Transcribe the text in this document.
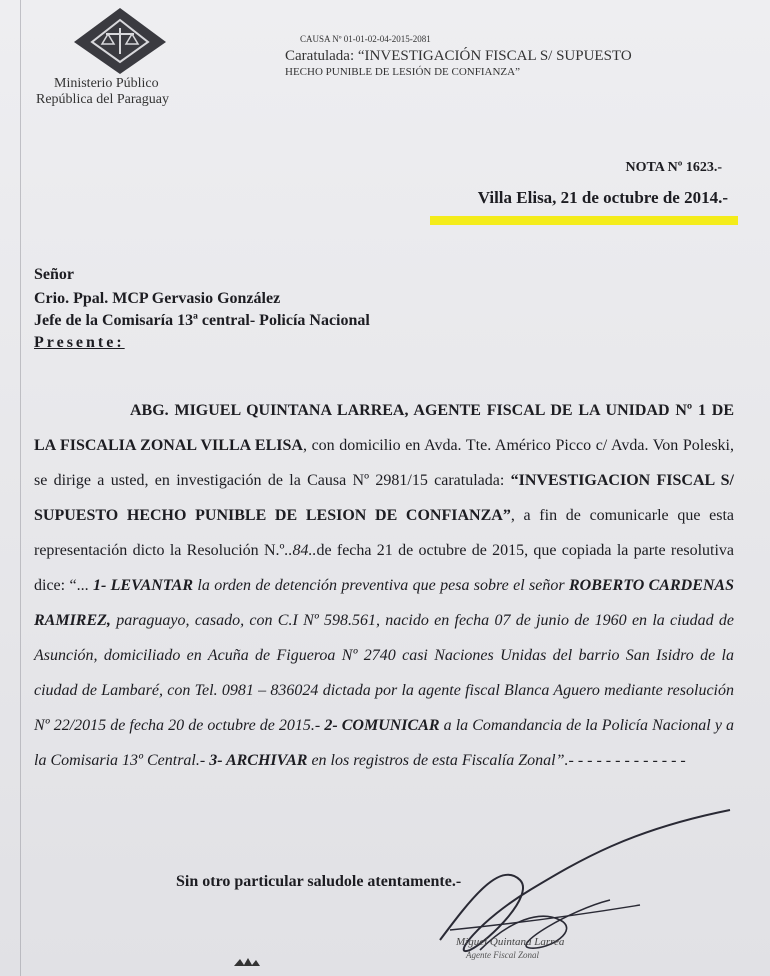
Ministerio Público
República del Paraguay
CAUSA Nº 01-01-02-04-2015-2081
Caratulada: “INVESTIGACIÓN FISCAL S/ SUPUESTO
HECHO PUNIBLE DE LESIÓN DE CONFIANZA”
NOTA Nº 1623.-
Villa Elisa, 21 de octubre de 2014.-
Señor
Crio. Ppal. MCP Gervasio González
Jefe de la Comisaría 13ª central- Policía Nacional
Presente:
ABG. MIGUEL QUINTANA LARREA, AGENTE FISCAL DE LA UNIDAD Nº 1 DE LA FISCALIA ZONAL VILLA ELISA, con domicilio en Avda. Tte. Américo Picco c/ Avda. Von Poleski, se dirige a usted, en investigación de la Causa Nº 2981/15 caratulada: “INVESTIGACION FISCAL S/ SUPUESTO HECHO PUNIBLE DE LESION DE CONFIANZA”, a fin de comunicarle que esta representación dicto la Resolución N.º..84..de fecha 21 de octubre de 2015, que copiada la parte resolutiva dice: “... 1- LEVANTAR la orden de detención preventiva que pesa sobre el señor ROBERTO CARDENAS RAMIREZ, paraguayo, casado, con C.I Nº 598.561, nacido en fecha 07 de junio de 1960 en la ciudad de Asunción, domiciliado en Acuña de Figueroa Nº 2740 casi Naciones Unidas del barrio San Isidro de la ciudad de Lambaré, con Tel. 0981 – 836024 dictada por la agente fiscal Blanca Aguero mediante resolución Nº 22/2015 de fecha 20 de octubre de 2015.- 2- COMUNICAR a la Comandancia de la Policía Nacional y a la Comisaria 13º Central.- 3- ARCHIVAR en los registros de esta Fiscalía Zonal”.- - - - - - - - - - - - -
Sin otro particular saludole atentamente.-
Miguel Quintana Larrea
Agente Fiscal Zonal
